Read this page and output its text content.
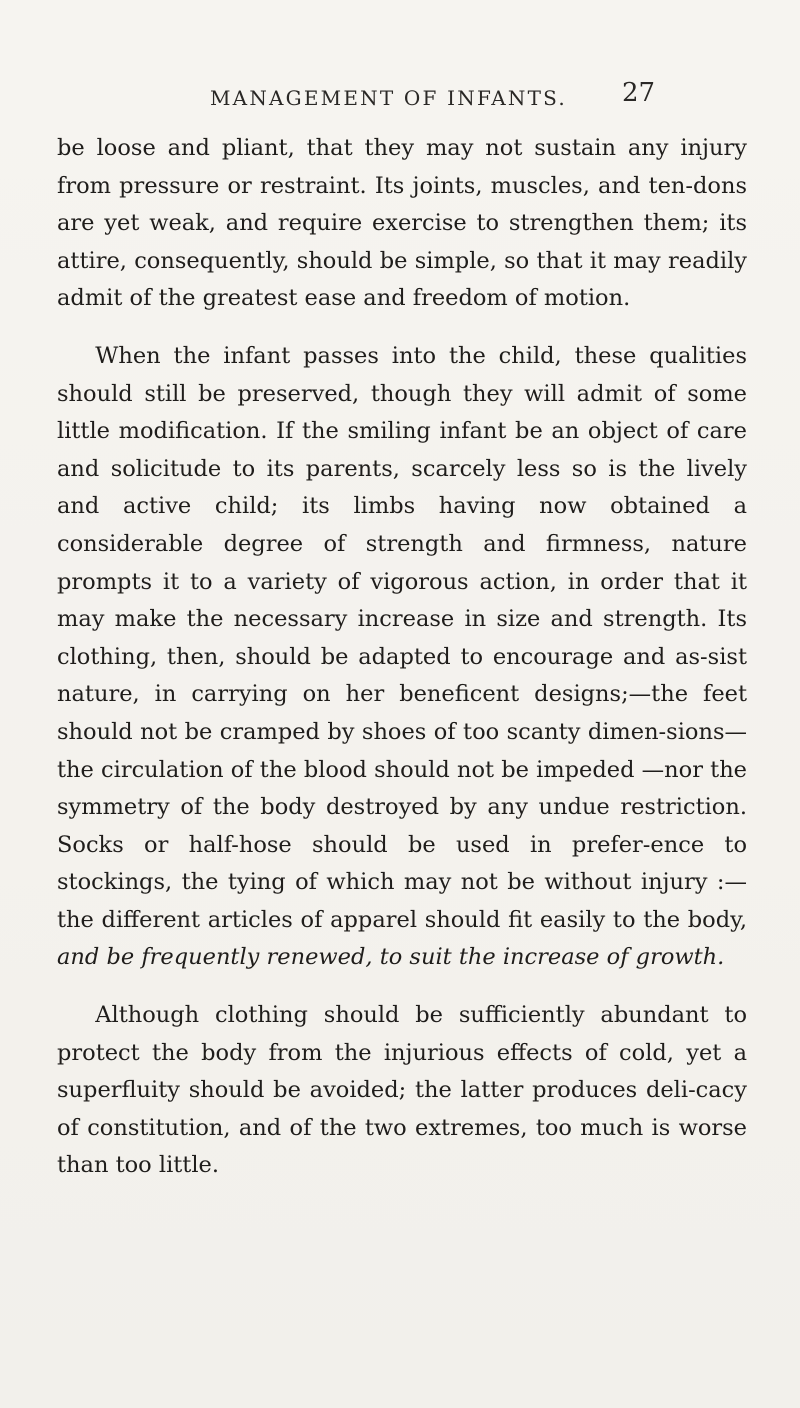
MANAGEMENT OF INFANTS. 27

be loose and pliant, that they may not sustain any injury from pressure or restraint. Its joints, muscles, and ten-dons are yet weak, and require exercise to strengthen them; its attire, consequently, should be simple, so that it may readily admit of the greatest ease and freedom of motion.

When the infant passes into the child, these qualities should still be preserved, though they will admit of some little modification. If the smiling infant be an object of care and solicitude to its parents, scarcely less so is the lively and active child; its limbs having now obtained a considerable degree of strength and firmness, nature prompts it to a variety of vigorous action, in order that it may make the necessary increase in size and strength. Its clothing, then, should be adapted to encourage and as-sist nature, in carrying on her beneficent designs;—the feet should not be cramped by shoes of too scanty dimen-sions—the circulation of the blood should not be impeded —nor the symmetry of the body destroyed by any undue restriction. Socks or half-hose should be used in prefer-ence to stockings, the tying of which may not be without injury :—the different articles of apparel should fit easily to the body, and be frequently renewed, to suit the increase of growth.

Although clothing should be sufficiently abundant to protect the body from the injurious effects of cold, yet a superfluity should be avoided; the latter produces deli-cacy of constitution, and of the two extremes, too much is worse than too little.
